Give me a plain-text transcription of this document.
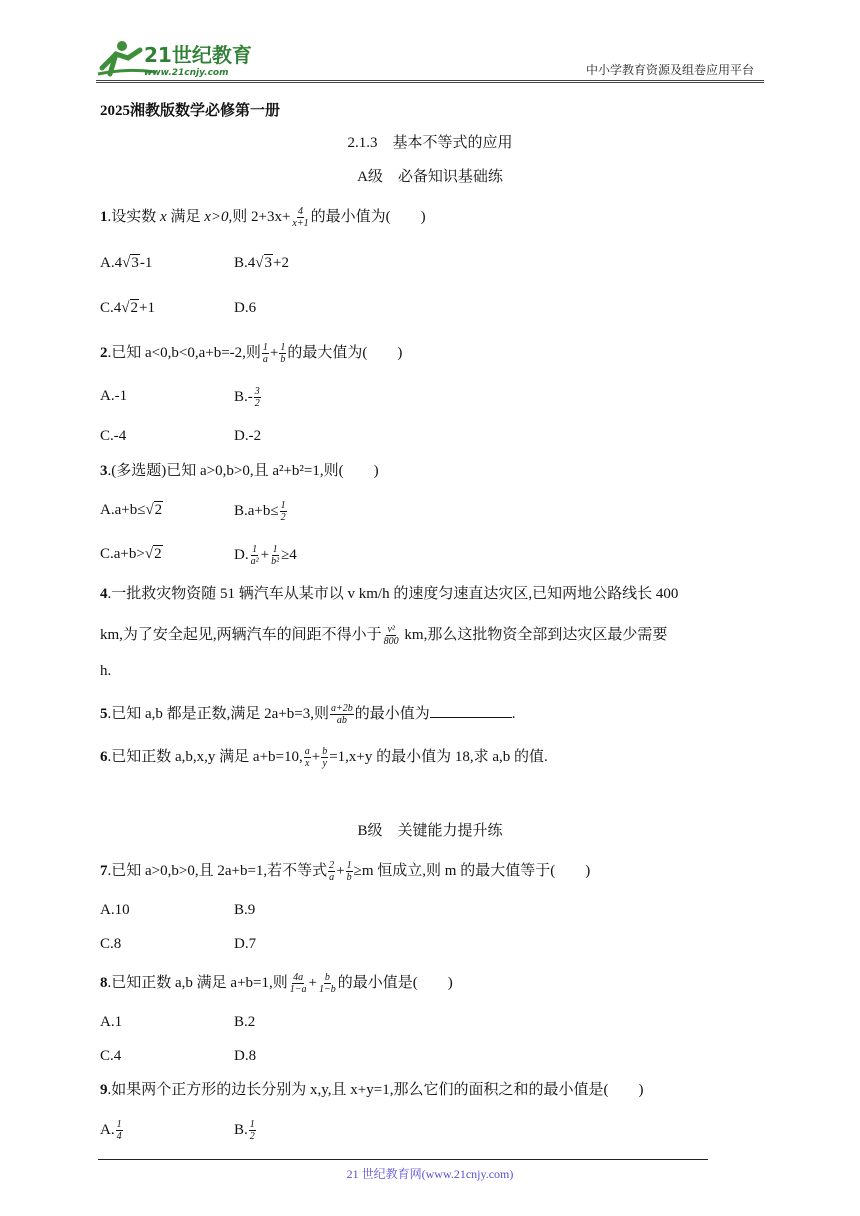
21世纪教育
www.21cnjy.com	中小学教育资源及组卷应用平台
2025湘教版数学必修第一册
2.1.3　基本不等式的应用
A级　必备知识基础练
1.设实数 x 满足 x>0,则 $2+3x+ \frac{4}{x+1}$ 的最小值为(　　)
A.4√3-1	B.4√3+2
C.4√2+1	D.6
2.已知 a<0,b<0,a+b=-2,则 $\frac{1}{a} + \frac{1}{b}$ 的最大值为(　　)
A.-1	$B.- \frac{3}{2}$
C.-4	D.-2
3.(多选题)已知 a>0,b>0,且 a²+b²=1,则(　　)
A.a+b≤√2	$B.a+b\le \frac{1}{2}$
C.a+b>√2	D. $\frac{1}{\text{a²}} + \frac{1}{\text{b²}} \ge 4$
4.一批救灾物资随 51 辆汽车从某市以 v km/h 的速度匀速直达灾区,已知两地公路线长 400
km,为了安全起见,两辆汽车的间距不得小于 $\frac{\text{v²}}{800}$ km,那么这批物资全部到达灾区最少需要
h.
5.已知 a,b 都是正数,满足 2a+b=3,则 $\frac{a+2b}{ab}$ 的最小值为	.
6.已知正数 a,b,x,y 满足 a+b=10, $\frac{a}{x} + \frac{b}{y} =1,x+y$ 的最小值为 18,求 a,b 的值.
B级　关键能力提升练
7.已知 a>0,b>0,且 2a+b=1,若不等式 $\frac{2}{a} + \frac{1}{b} \ge m$ 恒成立,则 m 的最大值等于(　　)
A.10	B.9
C.8	D.7
8.已知正数 a,b 满足 a+b=1,则 $\frac{4a}{1-a} + \frac{b}{1-b}$ 的最小值是(　　)
A.1	B.2
C.4	D.8
9.如果两个正方形的边长分别为 x,y,且 x+y=1,那么它们的面积之和的最小值是(　　)
A. $\frac{1}{4}$	B. $\frac{1}{2}$
21 世纪教育网(www.21cnjy.com)
